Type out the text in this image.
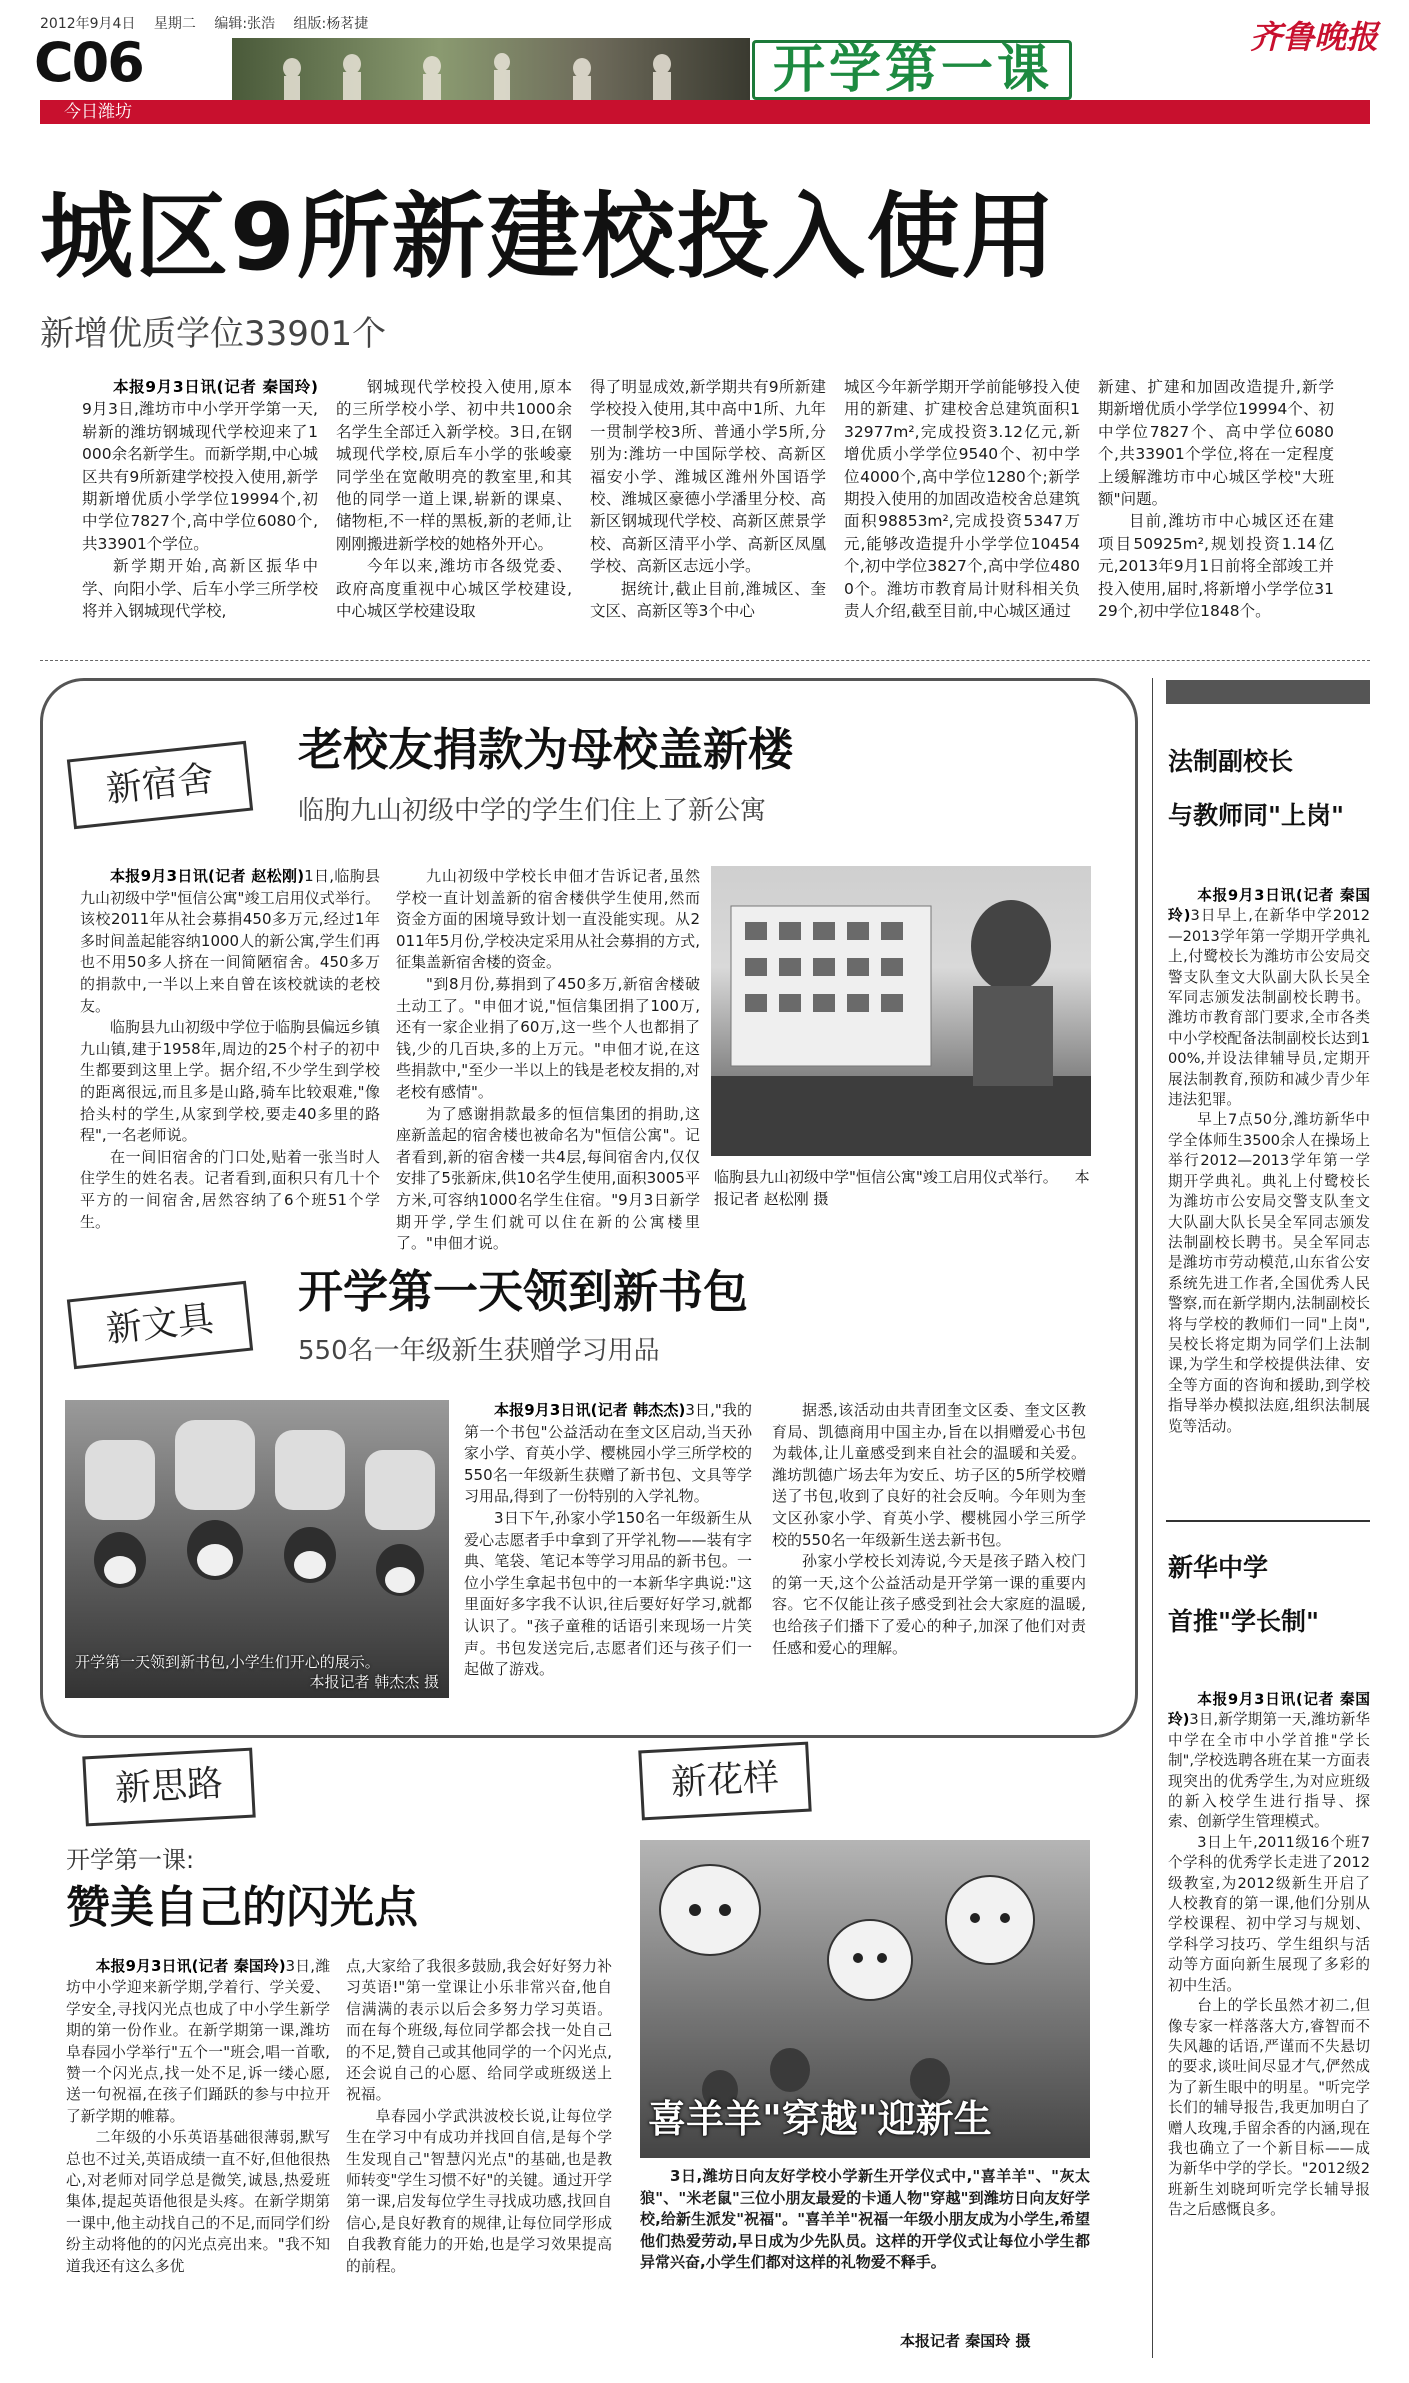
2012年9月4日 星期二 编辑:张浩 组版:杨茗捷
C06
今日潍坊
开学第一课
齐鲁晚报
城区9所新建校投入使用
新增优质学位33901个

本报9月3日讯(记者 秦国玲)9月3日,潍坊市中小学开学第一天,崭新的潍坊钢城现代学校迎来了1000余名新学生。而新学期,中心城区共有9所新建学校投入使用,新学期新增优质小学学位19994个,初中学位7827个,高中学位6080个,共33901个学位。

新学期开始,高新区振华中学、向阳小学、后车小学三所学校将并入钢城现代学校,

钢城现代学校投入使用,原本的三所学校小学、初中共1000余名学生全部迁入新学校。3日,在钢城现代学校,原后车小学的张峻豪同学坐在宽敞明亮的教室里,和其他的同学一道上课,崭新的课桌、储物柜,不一样的黑板,新的老师,让刚刚搬进新学校的她格外开心。

今年以来,潍坊市各级党委、政府高度重视中心城区学校建设,中心城区学校建设取

得了明显成效,新学期共有9所新建学校投入使用,其中高中1所、九年一贯制学校3所、普通小学5所,分别为:潍坊一中国际学校、高新区福安小学、潍城区潍州外国语学校、潍城区豪德小学潘里分校、高新区钢城现代学校、高新区蔗景学校、高新区清平小学、高新区凤凰学校、高新区志远小学。

据统计,截止目前,潍城区、奎文区、高新区等3个中心

城区今年新学期开学前能够投入使用的新建、扩建校舍总建筑面积132977m²,完成投资3.12亿元,新增优质小学学位9540个、初中学位4000个,高中学位1280个;新学期投入使用的加固改造校舍总建筑面积98853m²,完成投资5347万元,能够改造提升小学学位10454个,初中学位3827个,高中学位4800个。潍坊市教育局计财科相关负责人介绍,截至目前,中心城区通过

新建、扩建和加固改造提升,新学期新增优质小学学位19994个、初中学位7827个、高中学位6080个,共33901个学位,将在一定程度上缓解潍坊市中心城区学校"大班额"问题。

目前,潍坊市中心城区还在建项目50925m²,规划投资1.14亿元,2013年9月1日前将全部竣工并投入使用,届时,将新增小学学位3129个,初中学位1848个。

新宿舍
老校友捐款为母校盖新楼
临朐九山初级中学的学生们住上了新公寓

本报9月3日讯(记者 赵松刚)1日,临朐县九山初级中学"恒信公寓"竣工启用仪式举行。该校2011年从社会募捐450多万元,经过1年多时间盖起能容纳1000人的新公寓,学生们再也不用50多人挤在一间简陋宿舍。450多万的捐款中,一半以上来自曾在该校就读的老校友。

临朐县九山初级中学位于临朐县偏远乡镇九山镇,建于1958年,周边的25个村子的初中生都要到这里上学。据介绍,不少学生到学校的距离很远,而且多是山路,骑车比较艰难,"像拾头村的学生,从家到学校,要走40多里的路程",一名老师说。

在一间旧宿舍的门口处,贴着一张当时人住学生的姓名表。记者看到,面积只有几十个平方的一间宿舍,居然容纳了6个班51个学生。

九山初级中学校长申佃才告诉记者,虽然学校一直计划盖新的宿舍楼供学生使用,然而资金方面的困境导致计划一直没能实现。从2011年5月份,学校决定采用从社会募捐的方式,征集盖新宿舍楼的资金。

"到8月份,募捐到了450多万,新宿舍楼破土动工了。"申佃才说,"恒信集团捐了100万,还有一家企业捐了60万,这一些个人也都捐了钱,少的几百块,多的上万元。"申佃才说,在这些捐款中,"至少一半以上的钱是老校友捐的,对老校有感情"。

为了感谢捐款最多的恒信集团的捐助,这座新盖起的宿舍楼也被命名为"恒信公寓"。记者看到,新的宿舍楼一共4层,每间宿舍内,仅仅安排了5张新床,供10名学生使用,面积3005平方米,可容纳1000名学生住宿。"9月3日新学期开学,学生们就可以住在新的公寓楼里了。"申佃才说。

临朐县九山初级中学"恒信公寓"竣工启用仪式举行。 本报记者 赵松刚 摄
新文具
开学第一天领到新书包
550名一年级新生获赠学习用品
开学第一天领到新书包,小学生们开心的展示。
本报记者 韩杰杰 摄

本报9月3日讯(记者 韩杰杰)3日,"我的第一个书包"公益活动在奎文区启动,当天孙家小学、育英小学、樱桃园小学三所学校的550名一年级新生获赠了新书包、文具等学习用品,得到了一份特别的入学礼物。

3日下午,孙家小学150名一年级新生从爱心志愿者手中拿到了开学礼物——装有字典、笔袋、笔记本等学习用品的新书包。一位小学生拿起书包中的一本新华字典说:"这里面好多字我不认识,往后要好好学习,就都认识了。"孩子童稚的话语引来现场一片笑声。书包发送完后,志愿者们还与孩子们一起做了游戏。

据悉,该活动由共青团奎文区委、奎文区教育局、凯德商用中国主办,旨在以捐赠爱心书包为载体,让儿童感受到来自社会的温暖和关爱。潍坊凯德广场去年为安丘、坊子区的5所学校赠送了书包,收到了良好的社会反响。今年则为奎文区孙家小学、育英小学、樱桃园小学三所学校的550名一年级新生送去新书包。

孙家小学校长刘涛说,今天是孩子踏入校门的第一天,这个公益活动是开学第一课的重要内容。它不仅能让孩子感受到社会大家庭的温暖,也给孩子们播下了爱心的种子,加深了他们对责任感和爱心的理解。

新思路
开学第一课:
赞美自己的闪光点

本报9月3日讯(记者 秦国玲)3日,潍坊中小学迎来新学期,学着行、学关爱、学安全,寻找闪光点也成了中小学生新学期的第一份作业。在新学期第一课,潍坊阜春园小学举行"五个一"班会,唱一首歌,赞一个闪光点,找一处不足,诉一缕心愿,送一句祝福,在孩子们踊跃的参与中拉开了新学期的帷幕。

二年级的小乐英语基础很薄弱,默写总也不过关,英语成绩一直不好,但他很热心,对老师对同学总是微笑,诚恳,热爱班集体,提起英语他很是头疼。在新学期第一课中,他主动找自己的不足,而同学们纷纷主动将他的的闪光点亮出来。"我不知道我还有这么多优

点,大家给了我很多鼓励,我会好好努力补习英语!"第一堂课让小乐非常兴奋,他自信满满的表示以后会多努力学习英语。而在每个班级,每位同学都会找一处自己的不足,赞自己或其他同学的一个闪光点,还会说自己的心愿、给同学或班级送上祝福。

阜春园小学武洪波校长说,让每位学生在学习中有成功并找回自信,是每个学生发现自己"智慧闪光点"的基础,也是教师转变"学生习惯不好"的关键。通过开学第一课,启发每位学生寻找成功感,找回自信心,是良好教育的规律,让每位同学形成自我教育能力的开始,也是学习效果提高的前程。

新花样
喜羊羊"穿越"迎新生

3日,潍坊日向友好学校小学新生开学仪式中,"喜羊羊"、"灰太狼"、"米老鼠"三位小朋友最爱的卡通人物"穿越"到潍坊日向友好学校,给新生派发"祝福"。"喜羊羊"祝福一年级小朋友成为小学生,希望他们热爱劳动,早日成为少先队员。这样的开学仪式让每位小学生都异常兴奋,小学生们都对这样的礼物爱不释手。

本报记者 秦国玲 摄
法制副校长
与教师同"上岗"

本报9月3日讯(记者 秦国玲)3日早上,在新华中学2012—2013学年第一学期开学典礼上,付鹭校长为潍坊市公安局交警支队奎文大队副大队长吴全军同志颁发法制副校长聘书。潍坊市教育部门要求,全市各类中小学校配备法制副校长达到100%,并设法律辅导员,定期开展法制教育,预防和减少青少年违法犯罪。

早上7点50分,潍坊新华中学全体师生3500余人在操场上举行2012—2013学年第一学期开学典礼。典礼上付鹭校长为潍坊市公安局交警支队奎文大队副大队长吴全军同志颁发法制副校长聘书。吴全军同志是潍坊市劳动模范,山东省公安系统先进工作者,全国优秀人民警察,而在新学期内,法制副校长将与学校的教师们一同"上岗",吴校长将定期为同学们上法制课,为学生和学校提供法律、安全等方面的咨询和援助,到学校指导举办模拟法庭,组织法制展览等活动。

新华中学
首推"学长制"

本报9月3日讯(记者 秦国玲)3日,新学期第一天,潍坊新华中学在全市中小学首推"学长制",学校选聘各班在某一方面表现突出的优秀学生,为对应班级的新入校学生进行指导、探索、创新学生管理模式。

3日上午,2011级16个班7个学科的优秀学长走进了2012级教室,为2012级新生开启了人校教育的第一课,他们分别从学校课程、初中学习与规划、学科学习技巧、学生组织与活动等方面向新生展现了多彩的初中生活。

台上的学长虽然才初二,但像专家一样落落大方,睿智而不失风趣的话语,严谨而不失悬切的要求,谈吐间尽显才气,俨然成为了新生眼中的明星。"听完学长们的辅导报告,我更加明白了赠人玫瑰,手留余香的内涵,现在我也确立了一个新目标——成为新华中学的学长。"2012级2班新生刘晓珂听完学长辅导报告之后感慨良多。
